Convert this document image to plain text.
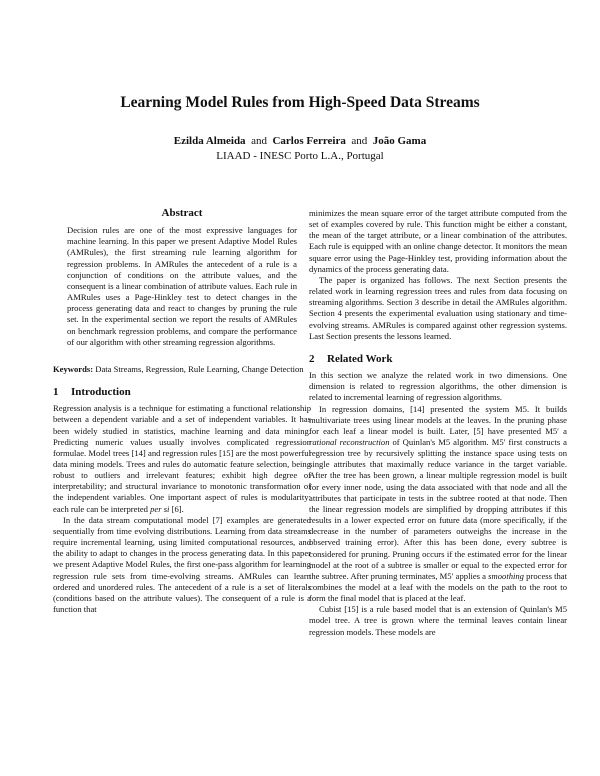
Learning Model Rules from High-Speed Data Streams
Ezilda Almeida and Carlos Ferreira and João Gama
LIAAD - INESC Porto L.A., Portugal
Abstract

Decision rules are one of the most expressive languages for machine learning. In this paper we present Adaptive Model Rules (AMRules), the first streaming rule learning algorithm for regression problems. In AMRules the antecedent of a rule is a conjunction of conditions on the attribute values, and the consequent is a linear combination of attribute values. Each rule in AMRules uses a Page-Hinkley test to detect changes in the process generating data and react to changes by pruning the rule set. In the experimental section we report the results of AMRules on benchmark regression problems, and compare the performance of our algorithm with other streaming regression algorithms.

Keywords: Data Streams, Regression, Rule Learning, Change Detection

1 Introduction

Regression analysis is a technique for estimating a functional relationship between a dependent variable and a set of independent variables. It has been widely studied in statistics, machine learning and data mining. Predicting numeric values usually involves complicated regression formulae. Model trees [14] and regression rules [15] are the most powerful data mining models. Trees and rules do automatic feature selection, being robust to outliers and irrelevant features; exhibit high degree of interpretability; and structural invariance to monotonic transformation of the independent variables. One important aspect of rules is modularity: each rule can be interpreted per si [6].

In the data stream computational model [7] examples are generated sequentially from time evolving distributions. Learning from data streams require incremental learning, using limited computational resources, and the ability to adapt to changes in the process generating data. In this paper we present Adaptive Model Rules, the first one-pass algorithm for learning regression rule sets from time-evolving streams. AMRules can learn ordered and unordered rules. The antecedent of a rule is a set of literals (conditions based on the attribute values). The consequent of a rule is a function that

minimizes the mean square error of the target attribute computed from the set of examples covered by rule. This function might be either a constant, the mean of the target attribute, or a linear combination of the attributes. Each rule is equipped with an online change detector. It monitors the mean square error using the Page-Hinkley test, providing information about the dynamics of the process generating data.

The paper is organized has follows. The next Section presents the related work in learning regression trees and rules from data focusing on streaming algorithms. Section 3 describe in detail the AMRules algorithm. Section 4 presents the experimental evaluation using stationary and time-evolving streams. AMRules is compared against other regression systems. Last Section presents the lessons learned.

2 Related Work

In this section we analyze the related work in two dimensions. One dimension is related to regression algorithms, the other dimension is related to incremental learning of regression algorithms.

In regression domains, [14] presented the system M5. It builds multivariate trees using linear models at the leaves. In the pruning phase for each leaf a linear model is built. Later, [5] have presented M5′ a rational reconstruction of Quinlan's M5 algorithm. M5′ first constructs a regression tree by recursively splitting the instance space using tests on single attributes that maximally reduce variance in the target variable. After the tree has been grown, a linear multiple regression model is built for every inner node, using the data associated with that node and all the attributes that participate in tests in the subtree rooted at that node. Then the linear regression models are simplified by dropping attributes if this results in a lower expected error on future data (more specifically, if the decrease in the number of parameters outweighs the increase in the observed training error). After this has been done, every subtree is considered for pruning. Pruning occurs if the estimated error for the linear model at the root of a subtree is smaller or equal to the expected error for the subtree. After pruning terminates, M5′ applies a smoothing process that combines the model at a leaf with the models on the path to the root to form the final model that is placed at the leaf.

Cubist [15] is a rule based model that is an extension of Quinlan's M5 model tree. A tree is grown where the terminal leaves contain linear regression models. These models are
